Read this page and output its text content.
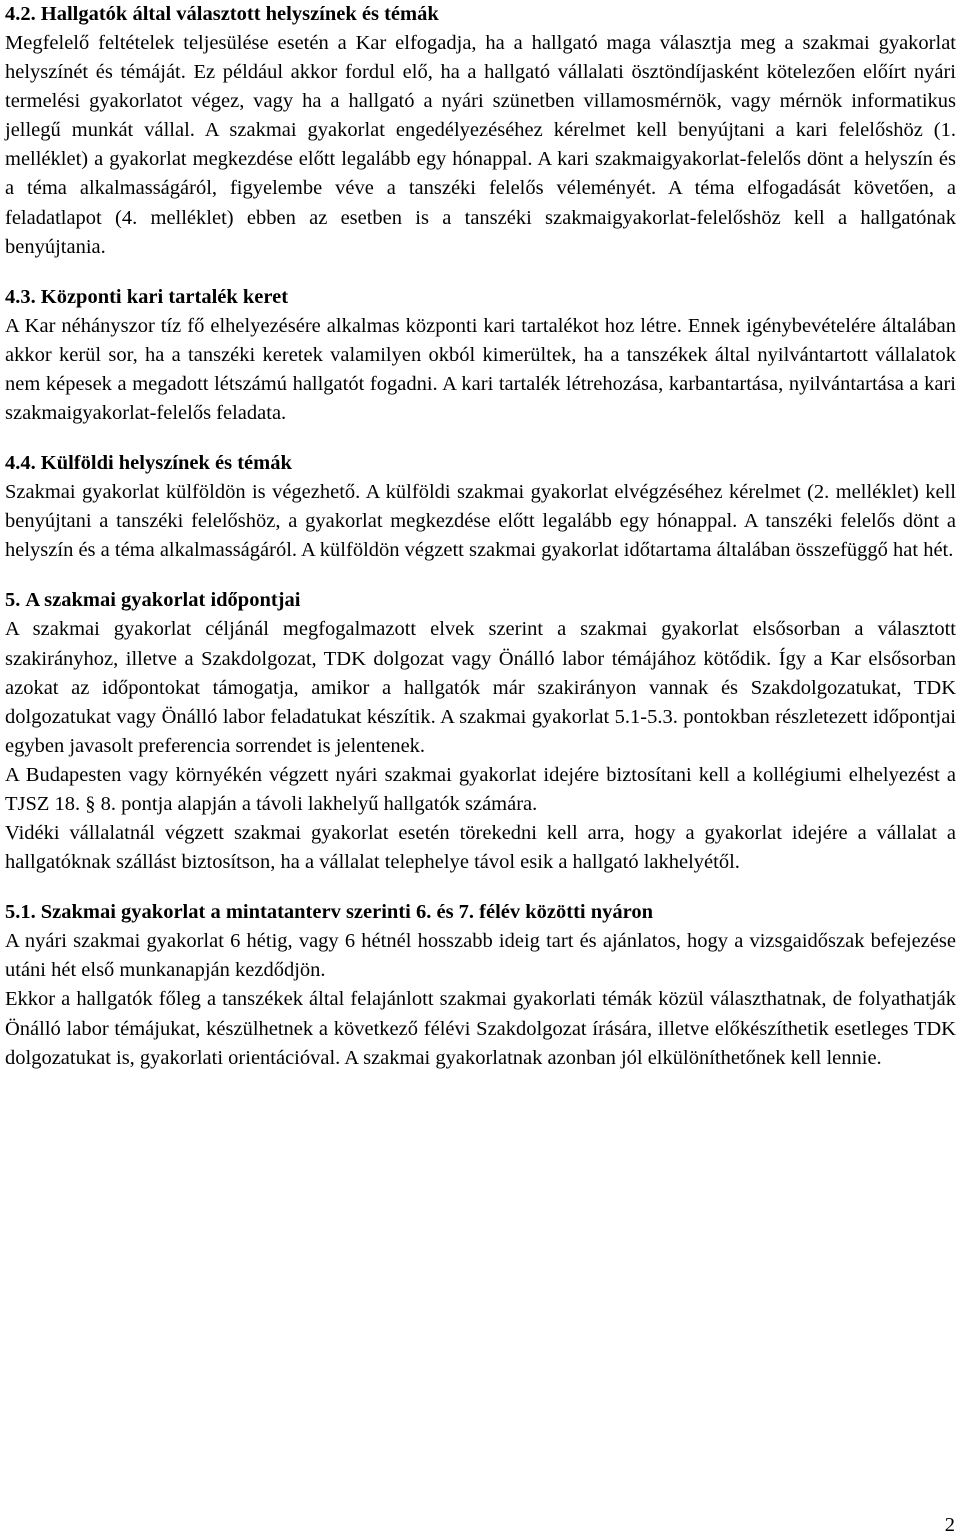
4.2. Hallgatók által választott helyszínek és témák

Megfelelő feltételek teljesülése esetén a Kar elfogadja, ha a hallgató maga választja meg a szakmai gyakorlat helyszínét és témáját. Ez például akkor fordul elő, ha a hallgató vállalati ösztöndíjasként kötelezően előírt nyári termelési gyakorlatot végez, vagy ha a hallgató a nyári szünetben villamosmérnök, vagy mérnök informatikus jellegű munkát vállal. A szakmai gyakorlat engedélyezéséhez kérelmet kell benyújtani a kari felelőshöz (1. melléklet) a gyakorlat megkezdése előtt legalább egy hónappal. A kari szakmaigyakorlat-felelős dönt a helyszín és a téma alkalmasságáról, figyelembe véve a tanszéki felelős véleményét. A téma elfogadását követően, a feladatlapot (4. melléklet) ebben az esetben is a tanszéki szakmaigyakorlat-felelőshöz kell a hallgatónak benyújtania.

4.3. Központi kari tartalék keret

A Kar néhányszor tíz fő elhelyezésére alkalmas központi kari tartalékot hoz létre. Ennek igénybevételére általában akkor kerül sor, ha a tanszéki keretek valamilyen okból kimerültek, ha a tanszékek által nyilvántartott vállalatok nem képesek a megadott létszámú hallgatót fogadni. A kari tartalék létrehozása, karbantartása, nyilvántartása a kari szakmaigyakorlat-felelős feladata.

4.4. Külföldi helyszínek és témák

Szakmai gyakorlat külföldön is végezhető. A külföldi szakmai gyakorlat elvégzéséhez kérelmet (2. melléklet) kell benyújtani a tanszéki felelőshöz, a gyakorlat megkezdése előtt legalább egy hónappal. A tanszéki felelős dönt a helyszín és a téma alkalmasságáról. A külföldön végzett szakmai gyakorlat időtartama általában összefüggő hat hét.

5. A szakmai gyakorlat időpontjai

A szakmai gyakorlat céljánál megfogalmazott elvek szerint a szakmai gyakorlat elsősorban a választott szakirányhoz, illetve a Szakdolgozat, TDK dolgozat vagy Önálló labor témájához kötődik. Így a Kar elsősorban azokat az időpontokat támogatja, amikor a hallgatók már szakirányon vannak és Szakdolgozatukat, TDK dolgozatukat vagy Önálló labor feladatukat készítik. A szakmai gyakorlat 5.1-5.3. pontokban részletezett időpontjai egyben javasolt preferencia sorrendet is jelentenek.

A Budapesten vagy környékén végzett nyári szakmai gyakorlat idejére biztosítani kell a kollégiumi elhelyezést a TJSZ 18. § 8. pontja alapján a távoli lakhelyű hallgatók számára.

Vidéki vállalatnál végzett szakmai gyakorlat esetén törekedni kell arra, hogy a gyakorlat idejére a vállalat a hallgatóknak szállást biztosítson, ha a vállalat telephelye távol esik a hallgató lakhelyétől.

5.1. Szakmai gyakorlat a mintatanterv szerinti 6. és 7. félév közötti nyáron

A nyári szakmai gyakorlat 6 hétig, vagy 6 hétnél hosszabb ideig tart és ajánlatos, hogy a vizsgaidőszak befejezése utáni hét első munkanapján kezdődjön.

Ekkor a hallgatók főleg a tanszékek által felajánlott szakmai gyakorlati témák közül választhatnak, de folyathatják Önálló labor témájukat, készülhetnek a következő félévi Szakdolgozat írására, illetve előkészíthetik esetleges TDK dolgozatukat is, gyakorlati orientációval. A szakmai gyakorlatnak azonban jól elkülöníthetőnek kell lennie.

2
